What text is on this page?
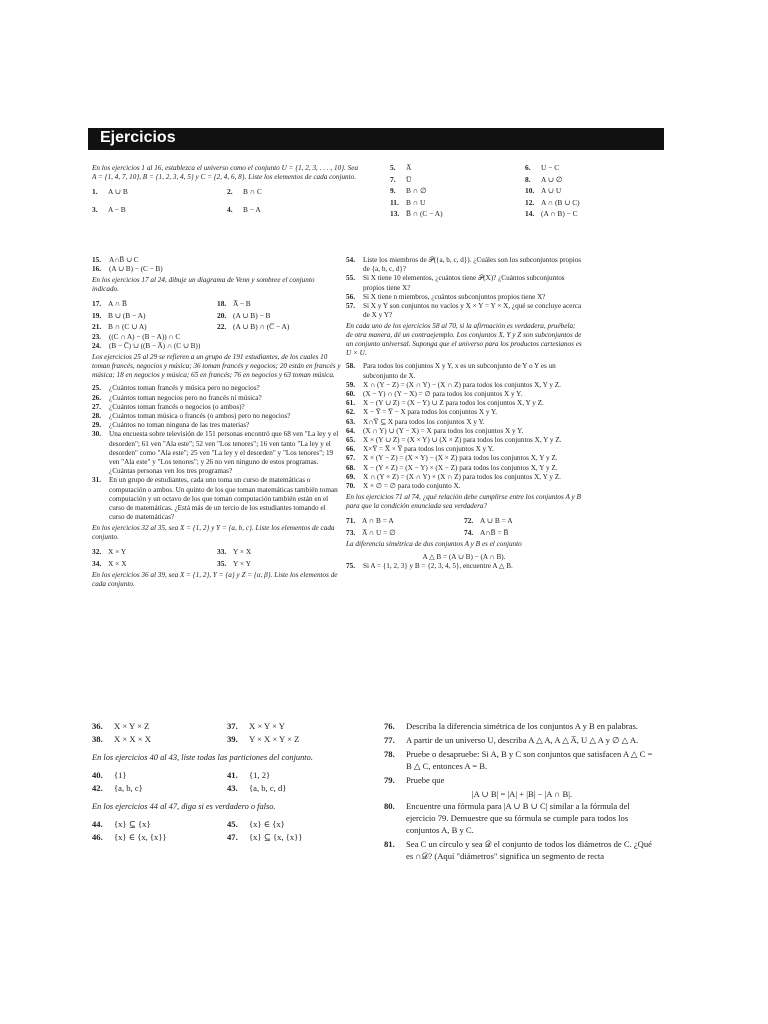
Ejercicios
En los ejercicios 1 al 16, establezca el universo como el conjunto U = {1, 2, 3, . . . , 10}. Sea A = {1, 4, 7, 10}, B = {1, 2, 3, 4, 5} y C = {2, 4, 6, 8}. Liste los elementos de cada conjunto.
1.	A ∪ B	2.	B ∩ C
3.	A − B	4.	B − A
5.	A̅	6.	U − C
7.	U̅	8.	A ∪ ∅
9.	B ∩ ∅	10. A ∪ U
11. B ∩ U	12. A ∩ (B ∪ C)
13. B̅ ∩ (C − A)	14. (A ∩ B) − C
15.	A∩B̅ ∪ C
16.	(A ∪ B) − (C − B)
En los ejercicios 17 al 24, dibuje un diagrama de Venn y sombree el conjunto indicado.
17. A ∩ B̅	18. A̅ − B
19. B ∪ (B − A)	20. (A ∪ B) − B
21. B ∩ (C ∪ A)	22. (A ∪ B) ∩ (C̅ − A)
23.	((C ∩ A) − (B − A)) ∩ C
24.	(B − C̅) ∪ ((B − A̅) ∩ (C ∪ B))
Los ejercicios 25 al 29 se refieren a un grupo de 191 estudiantes, de los cuales 10 toman francés, negocios y música; 36 toman francés y negocios; 20 están en francés y música; 18 en negocios y música; 65 en francés; 76 en negocios y 63 toman música.
25.	¿Cuántos toman francés y música pero no negocios?
26.	¿Cuántos toman negocios pero no francés ni música?
27.	¿Cuántos toman francés o negocios (o ambos)?
28.	¿Cuántos toman música o francés (o ambos) pero no negocios?
29.	¿Cuántos no toman ninguna de las tres materias?
30.	Una encuesta sobre televisión de 151 personas encontró que 68 ven "La ley y el desorden"; 61 ven "Ala este"; 52 ven "Los tenores"; 16 ven tanto "La ley y el desorden" como "Ala este"; 25 ven "La ley y el desorden" y "Los tenores"; 19 ven "Ala este" y "Los tenores"; y 26 no ven ninguno de estos programas. ¿Cuántas personas ven los tres programas?
31.	En un grupo de estudiantes, cada uno toma un curso de matemáticas o computación o ambos. Un quinto de los que toman matemáticas también toman computación y un octavo de los que toman computación también están en el curso de matemáticas. ¿Está más de un tercio de los estudiantes tomando el curso de matemáticas?
En los ejercicios 32 al 35, sea X = {1, 2} y Y = {a, b, c}. Liste los elementos de cada conjunto.
32. X × Y	33. Y × X
34. X × X	35. Y × Y
En los ejercicios 36 al 39, sea X = {1, 2}, Y = {a} y Z = {α, β}. Liste los elementos de cada conjunto.
54.	Liste los miembros de 𝒫({a, b, c, d}). ¿Cuáles son los subconjuntos propios de {a, b, c, d}?
55.	Si X tiene 10 elementos, ¿cuántos tiene 𝒫(X)? ¿Cuántos subconjuntos propios tiene X?
56.	Si X tiene n miembros, ¿cuántos subconjuntos propios tiene X?
57.	Si X y Y son conjuntos no vacíos y X × Y = Y × X, ¿qué se concluye acerca de X y Y?
En cada uno de los ejercicios 58 al 70, si la afirmación es verdadera, pruébela; de otra manera, dé un contraejemplo. Los conjuntos X, Y y Z son subconjuntos de un conjunto universal. Suponga que el universo para los productos cartesianos es U × U.
58.	Para todos los conjuntos X y Y, x es un subconjunto de Y o Y es un subconjunto de X.
59.	X ∩ (Y − Z) = (X ∩ Y) − (X ∩ Z) para todos los conjuntos X, Y y Z.
60.	(X − Y) ∩ (Y − X) = ∅ para todos los conjuntos X y Y.
61.	X − (Y ∪ Z) = (X − Y) ∪ Z para todos los conjuntos X, Y y Z.
62.	X − Y̅ = Y̅ − X para todos los conjuntos X y Y.
63.	X∩Y̅ ⊆ X para todos los conjuntos X y Y.
64.	(X ∩ Y) ∪ (Y − X) = X para todos los conjuntos X y Y.
65.	X × (Y ∪ Z) = (X × Y) ∪ (X × Z) para todos los conjuntos X, Y y Z.
66.	X×Y̅ = X̅ × Y̅ para todos los conjuntos X y Y.
67.	X × (Y − Z) = (X × Y) − (X × Z) para todos los conjuntos X, Y y Z.
68.	X − (Y × Z) = (X − Y) × (X − Z) para todos los conjuntos X, Y y Z.
69.	X ∩ (Y × Z) = (X ∩ Y) × (X ∩ Z) para todos los conjuntos X, Y y Z.
70.	X × ∅ = ∅ para todo conjunto X.
En los ejercicios 71 al 74, ¿qué relación debe cumplirse entre los conjuntos A y B para que la condición enunciada sea verdadera?
71. A ∩ B = A	72. A ∪ B = A
73. A̅ ∩ U = ∅	74. A∩B̅ = B̅
La diferencia simétrica de dos conjuntos A y B es el conjunto
A △ B = (A ∪ B) − (A ∩ B).
75.	Si A = {1, 2, 3} y B = {2, 3, 4, 5}, encuentre A △ B.
36.	X × Y × Z	37.	X × Y × Y
38.	X × X × X	39.	Y × X × Y × Z
En los ejercicios 40 al 43, liste todas las particiones del conjunto.
40.	{1}	41.	{1, 2}
42.	{a, b, c}	43.	{a, b, c, d}
En los ejercicios 44 al 47, diga si es verdadero o falso.
44.	{x} ⊆ {x}	45.	{x} ∈ {x}
46.	{x} ∈ {x, {x}}	47.	{x} ⊆ {x, {x}}
76.	Describa la diferencia simétrica de los conjuntos A y B en palabras.
77.	A partir de un universo U, describa A △ A, A △ A̅, U △ A y ∅ △ A.
78.	Pruebe o desapruebe: Si A, B y C son conjuntos que satisfacen A △ C = B △ C, entonces A = B.
79.	Pruebe que
|A ∪ B| = |A| + |B| − |A ∩ B|.
80.	Encuentre una fórmula para |A ∪ B ∪ C| similar a la fórmula del ejercicio 79. Demuestre que su fórmula se cumple para todos los conjuntos A, B y C.
81.	Sea C un círculo y sea 𝒟 el conjunto de todos los diámetros de C. ¿Qué es ∩𝒟? (Aquí "diámetros" significa un segmento de recta
